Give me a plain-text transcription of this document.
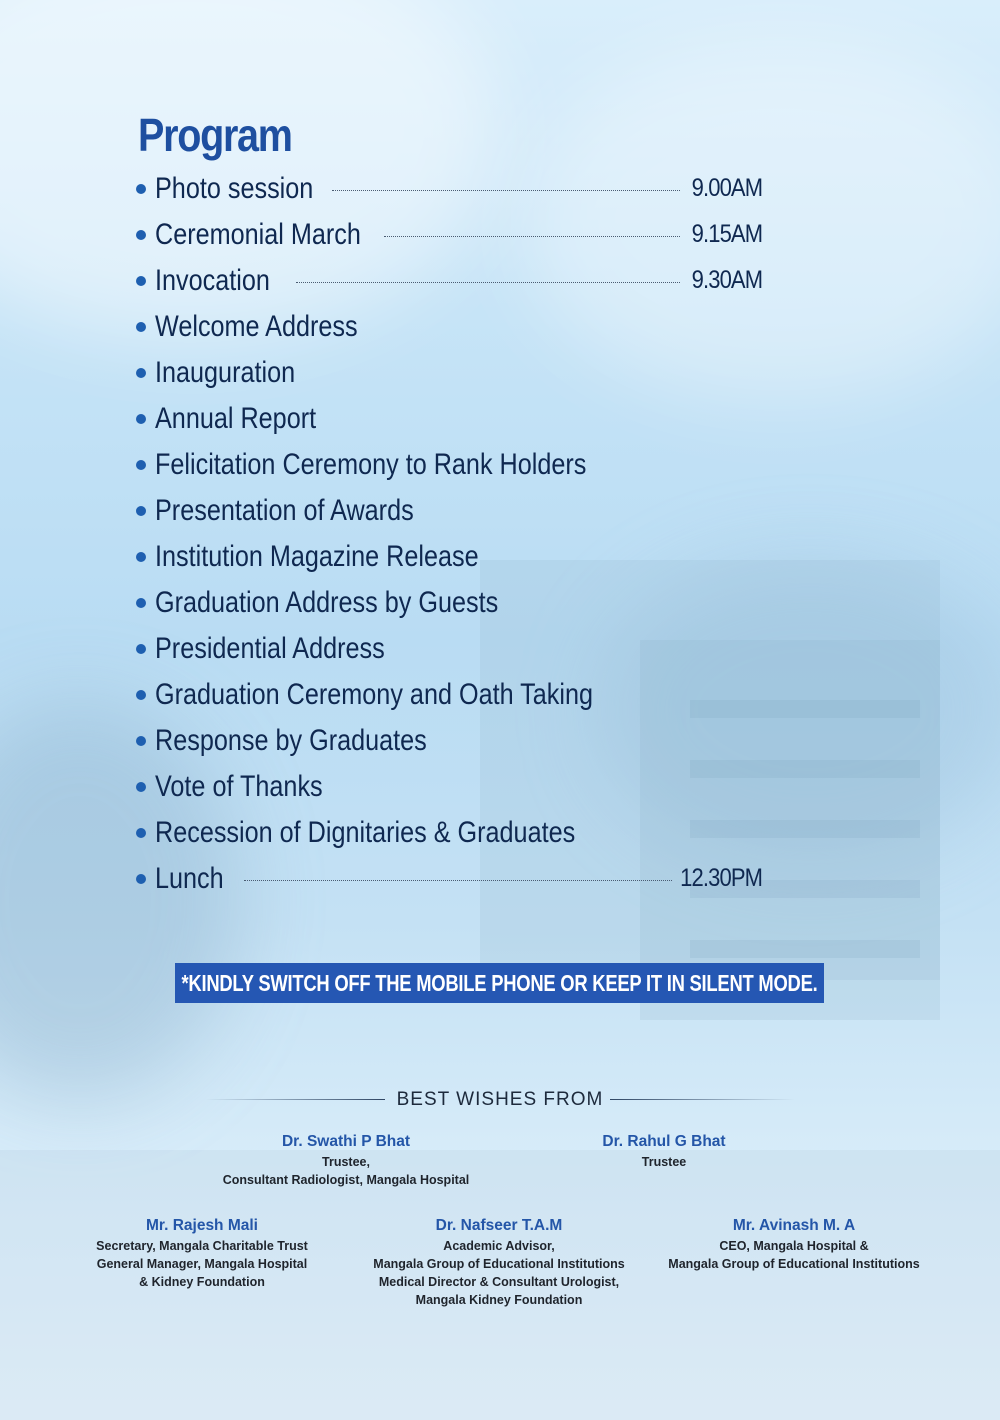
Program
Photo session	9.00AM
Ceremonial March	9.15AM
Invocation	9.30AM
Welcome Address
Inauguration
Annual Report
Felicitation Ceremony to Rank Holders
Presentation of Awards
Institution Magazine Release
Graduation Address by Guests
Presidential Address
Graduation Ceremony and Oath Taking
Response by Graduates
Vote of Thanks
Recession of Dignitaries & Graduates
Lunch	12.30PM
*KINDLY SWITCH OFF THE MOBILE PHONE OR KEEP IT IN SILENT MODE.
BEST WISHES FROM
Dr. Swathi P Bhat
Trustee,
Consultant Radiologist, Mangala Hospital
Dr. Rahul G Bhat
Trustee
Mr. Rajesh Mali
Secretary, Mangala Charitable Trust
General Manager, Mangala Hospital
& Kidney Foundation
Dr. Nafseer T.A.M
Academic Advisor,
Mangala Group of Educational Institutions
Medical Director & Consultant Urologist,
Mangala Kidney Foundation
Mr. Avinash M. A
CEO, Mangala Hospital &
Mangala Group of Educational Institutions
